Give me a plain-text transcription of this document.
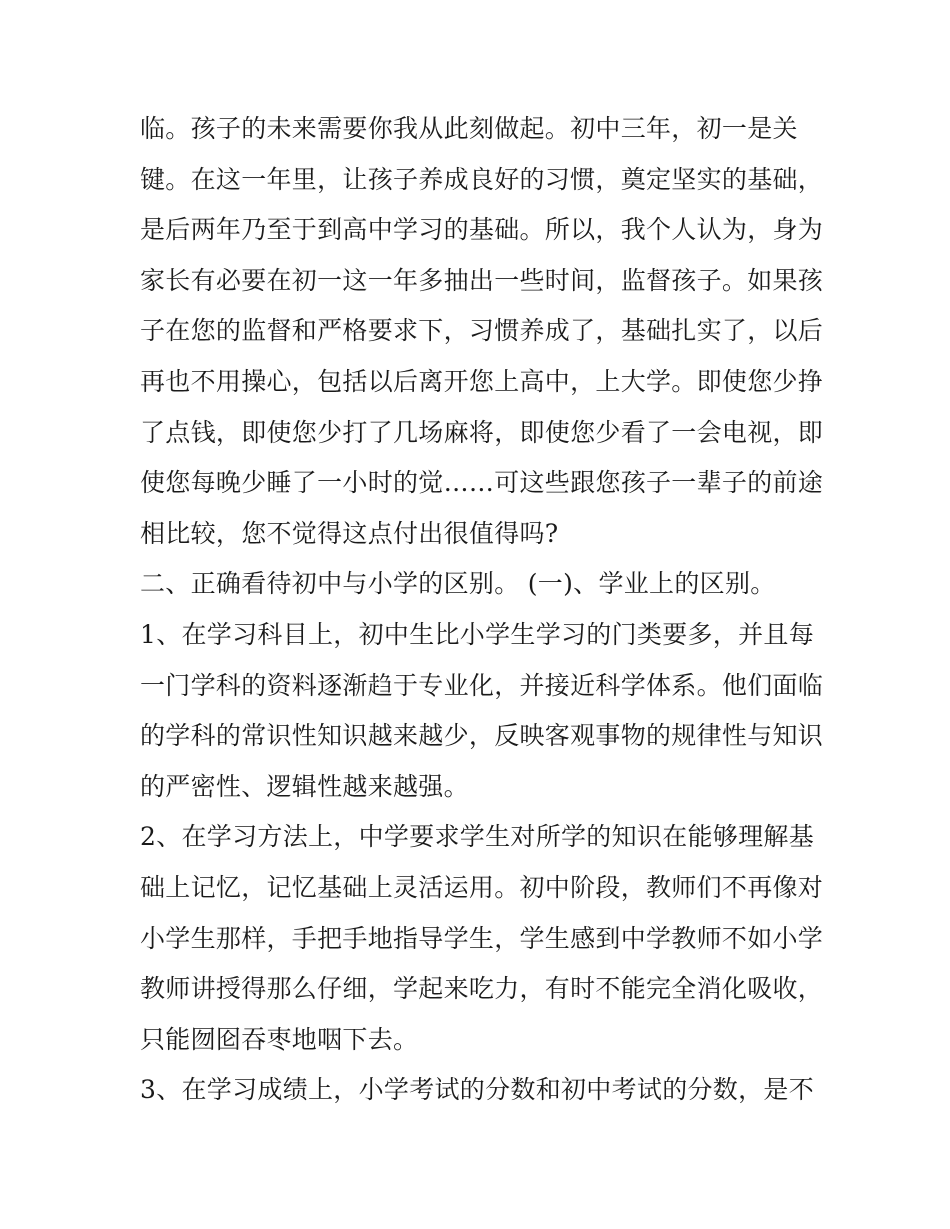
临。孩子的未来需要你我从此刻做起。初中三年，初一是关
键。在这一年里，让孩子养成良好的习惯，奠定坚实的基础，
是后两年乃至于到高中学习的基础。所以，我个人认为，身为
家长有必要在初一这一年多抽出一些时间，监督孩子。如果孩
子在您的监督和严格要求下，习惯养成了，基础扎实了，以后
再也不用操心，包括以后离开您上高中，上大学。即使您少挣
了点钱，即使您少打了几场麻将，即使您少看了一会电视，即
使您每晚少睡了一小时的觉……可这些跟您孩子一辈子的前途
相比较，您不觉得这点付出很值得吗?
二、正确看待初中与小学的区别。 (一)、学业上的区别。
1、在学习科目上，初中生比小学生学习的门类要多，并且每
一门学科的资料逐渐趋于专业化，并接近科学体系。他们面临
的学科的常识性知识越来越少，反映客观事物的规律性与知识
的严密性、逻辑性越来越强。
2、在学习方法上，中学要求学生对所学的知识在能够理解基
础上记忆，记忆基础上灵活运用。初中阶段，教师们不再像对
小学生那样，手把手地指导学生，学生感到中学教师不如小学
教师讲授得那么仔细，学起来吃力，有时不能完全消化吸收，
只能囫囵吞枣地咽下去。
3、在学习成绩上，小学考试的分数和初中考试的分数，是不
